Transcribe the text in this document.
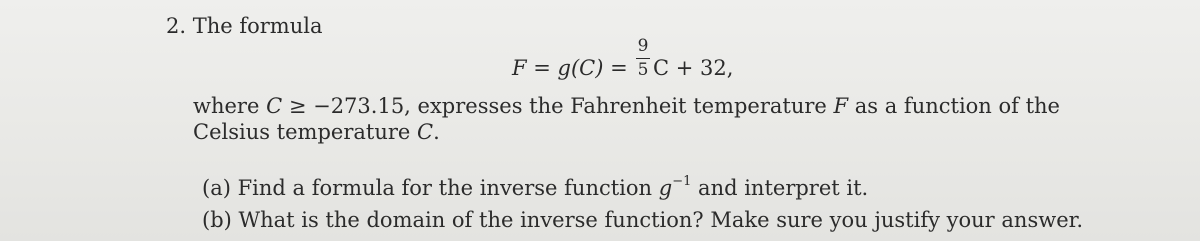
2. The formula
F = g(C) =
9
5 C + 32,
where C ≥ −273.15, expresses the Fahrenheit temperature F as a function of the
Celsius temperature C.
(a) Find a formula for the inverse function $g^{-1}$ and interpret it.
(b) What is the domain of the inverse function? Make sure you justify your answer.
